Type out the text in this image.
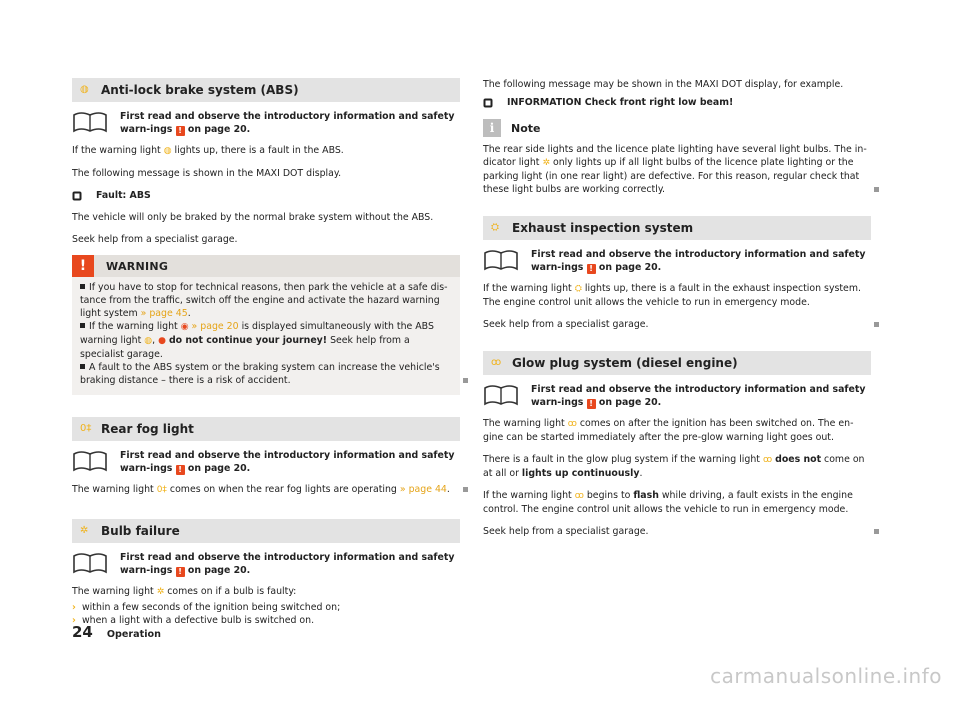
◍	Anti-lock brake system (ABS)
First read and observe the introductory information and safety warn-ings ! on page 20.

If the warning light ◍ lights up, there is a fault in the ABS.

The following message is shown in the MAXI DOT display.

Fault: ABS

The vehicle will only be braked by the normal brake system without the ABS.

Seek help from a specialist garage.

!	WARNING

If you have to stop for technical reasons, then park the vehicle at a safe dis-tance from the traffic, switch off the engine and activate the hazard warning light system » page 45.

If the warning light ◉ » page 20 is displayed simultaneously with the ABS warning light ◍, ● do not continue your journey! Seek help from a specialist garage.

A fault to the ABS system or the braking system can increase the vehicle's braking distance – there is a risk of accident.

0‡ Rear fog light
First read and observe the introductory information and safety warn-ings ! on page 20.

The warning light 0‡ comes on when the rear fog lights are operating » page 44.

✲	Bulb failure
First read and observe the introductory information and safety warn-ings ! on page 20.

The warning light ✲ comes on if a bulb is faulty:

› within a few seconds of the ignition being switched on;
› when a light with a defective bulb is switched on.

The following message may be shown in the MAXI DOT display, for example.

INFORMATION Check front right low beam!
i	Note

The rear side lights and the licence plate lighting have several light bulbs. The in-dicator light ✲ only lights up if all light bulbs of the licence plate lighting or the parking light (in one rear light) are defective. For this reason, regular check that these light bulbs are working correctly.

⛭	Exhaust inspection system
First read and observe the introductory information and safety warn-ings ! on page 20.

If the warning light ⛭ lights up, there is a fault in the exhaust inspection system. The engine control unit allows the vehicle to run in emergency mode.

Seek help from a specialist garage.

ꝏ Glow plug system (diesel engine)
First read and observe the introductory information and safety warn-ings ! on page 20.

The warning light ꝏ comes on after the ignition has been switched on. The en-gine can be started immediately after the pre-glow warning light goes out.

There is a fault in the glow plug system if the warning light ꝏ does not come on at all or lights up continuously.

If the warning light ꝏ begins to flash while driving, a fault exists in the engine control. The engine control unit allows the vehicle to run in emergency mode.

Seek help from a specialist garage.

24 Operation
carmanualsonline.info
